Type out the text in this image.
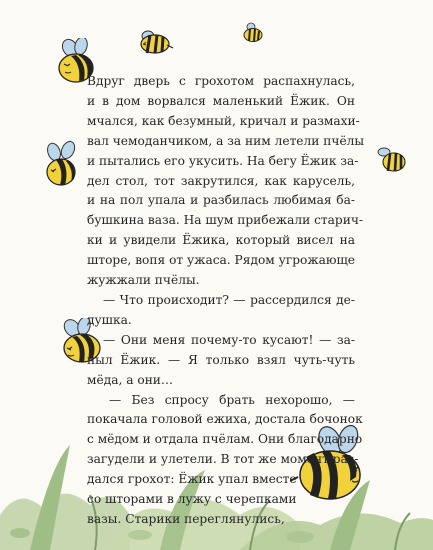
Вдруг дверь с грохотом распахнулась,
и в дом ворвался маленький Ёжик. Он
мчался, как безумный, кричал и размахи-
вал чемоданчиком, а за ним летели пчёлы
и пытались его укусить. На бегу Ёжик за-
дел стол, тот закрутился, как карусель,
и на пол упала и разбилась любимая ба-
бушкина ваза. На шум прибежали старич-
ки и увидели Ёжика, который висел на
шторе, вопя от ужаса. Рядом угрожающе
жужжали пчёлы.
— Что происходит? — рассердился де-
душка.
— Они меня почему-то кусают! — за-
ныл Ёжик. — Я только взял чуть-чуть
мёда, а они…
— Без спросу брать нехорошо, —
покачала головой ежиха, достала бочонок
с мёдом и отдала пчёлам. Они благодарно
загудели и улетели. В тот же момент раз-
дался грохот: Ёжик упал вместе
со шторами в лужу с черепками
вазы. Старики переглянулись,
